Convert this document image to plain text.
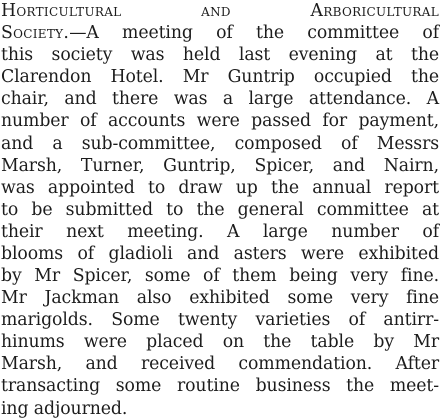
Horticultural and Arboricultural
Society.—A meeting of the committee of
this society was held last evening at the
Clarendon Hotel. Mr Guntrip occupied the
chair, and there was a large attendance. A
number of accounts were passed for payment,
and a sub-committee, composed of Messrs
Marsh, Turner, Guntrip, Spicer, and Nairn,
was appointed to draw up the annual report
to be submitted to the general committee at
their next meeting. A large number of
blooms of gladioli and asters were exhibited
by Mr Spicer, some of them being very fine.
Mr Jackman also exhibited some very fine
marigolds. Some twenty varieties of antirr-
hinums were placed on the table by Mr
Marsh, and received commendation. After
transacting some routine business the meet-
ing adjourned.
